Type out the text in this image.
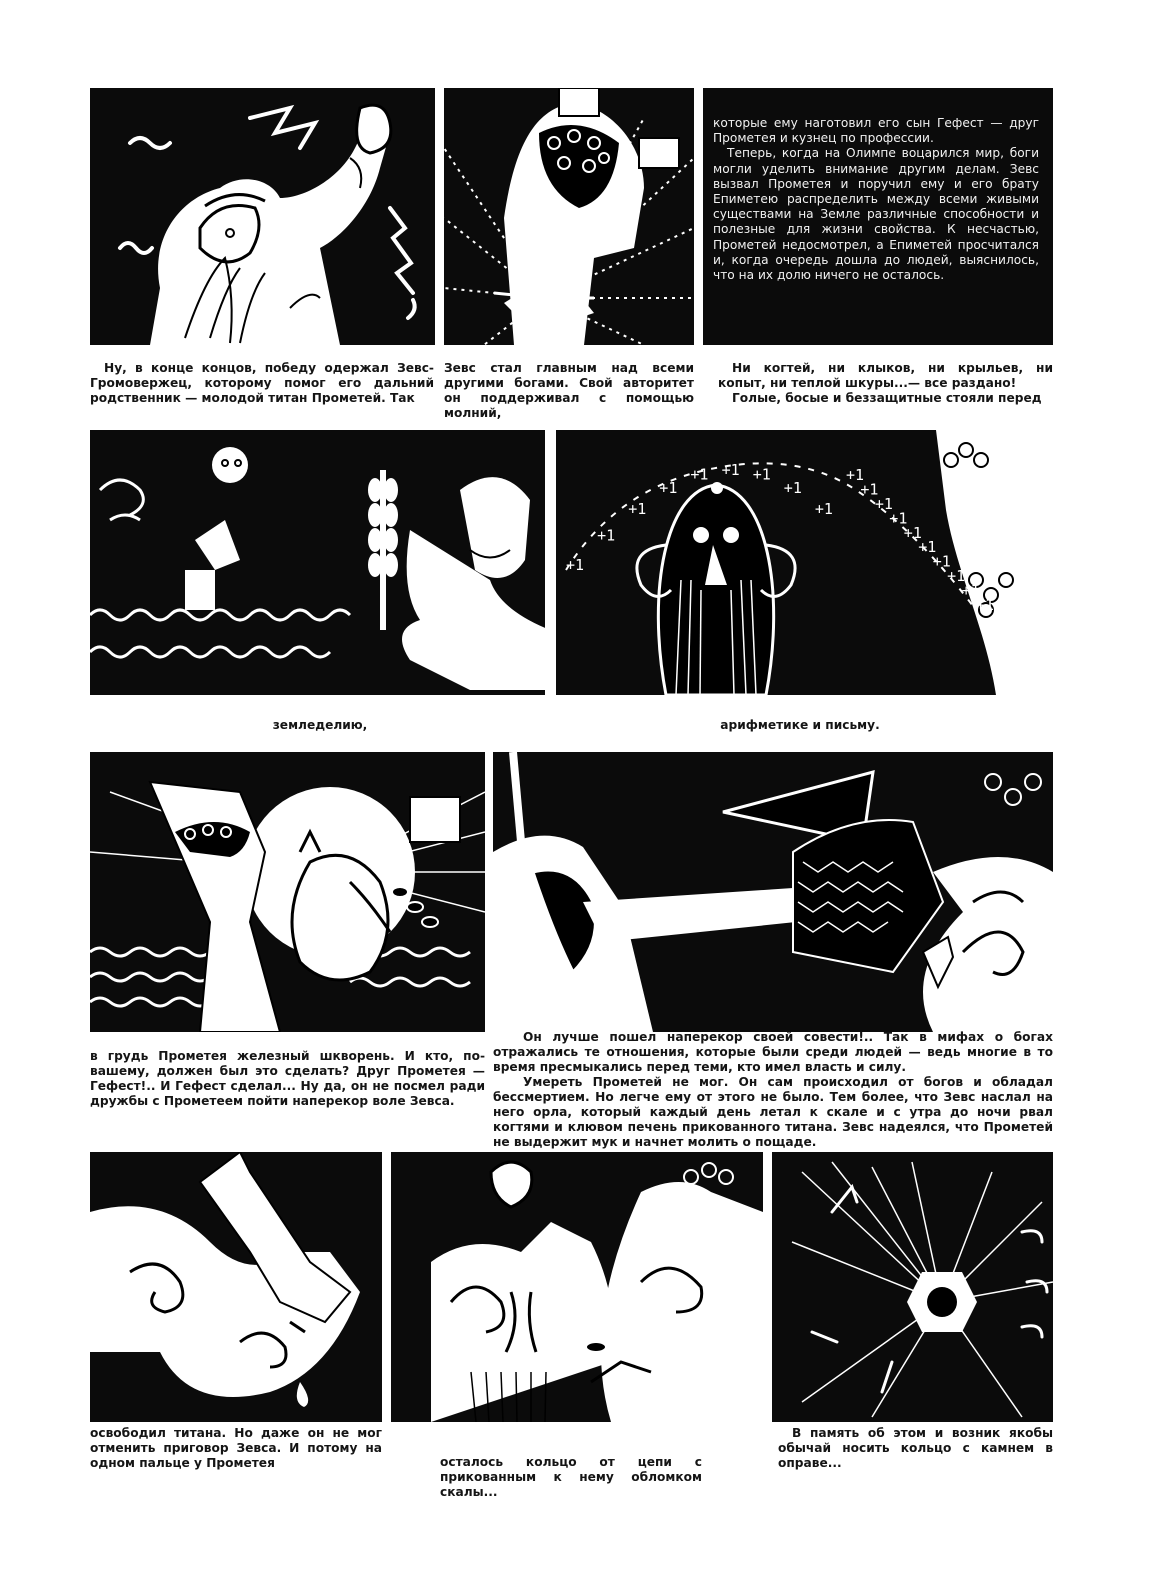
которые ему наготовил его сын Гефест — друг Прометея и кузнец по профессии.

Теперь, когда на Олимпе воцарился мир, боги могли уделить внимание другим делам. Зевс вызвал Прометея и поручил ему и его брату Епиметею распределить между всеми живыми существами на Земле различные способности и полезные для жизни свойства. К несчастью, Прометей недосмотрел, а Епиметей просчитался и, когда очередь дошла до людей, выяснилось, что на их долю ничего не осталось.

Ну, в конце концов, победу одержал Зевс-Громовержец, которому помог его дальний родственник — молодой титан Прометей. Так

Зевс стал главным над всеми другими богами. Свой авторитет он поддерживал с помощью молний,

Ни когтей, ни клыков, ни крыльев, ни копыт, ни теплой шкуры...— все раздано!

Голые, босые и беззащитные стояли перед

+1
+1
+1
+1
+1 +1 +1
+1
+1
+1
+1
+1
+1
+1
+1
+1
+1
+1
+1

земледелию,	арифметике и письму.

в грудь Прометея железный шкворень. И кто, по-вашему, должен был это сделать? Друг Прометея — Гефест!.. И Гефест сделал... Ну да, он не посмел ради дружбы с Прометеем пойти наперекор воле Зевса.

Он лучше пошел наперекор своей совести!.. Так в мифах о богах отражались те отношения, которые были среди людей — ведь многие в то время пресмыкались перед теми, кто имел власть и силу.

Умереть Прометей не мог. Он сам происходил от богов и обладал бессмертием. Но легче ему от этого не было. Тем более, что Зевс наслал на него орла, который каждый день летал к скале и с утра до ночи рвал когтями и клювом печень прикованного титана. Зевс надеялся, что Прометей не выдержит мук и начнет молить о пощаде.

освободил титана. Но даже он не мог отменить приговор Зевса. И потому на одном пальце у Прометея	осталось кольцо от цепи с прикованным к нему обломком скалы...

В память об этом и возник якобы обычай носить кольцо с камнем в оправе...
